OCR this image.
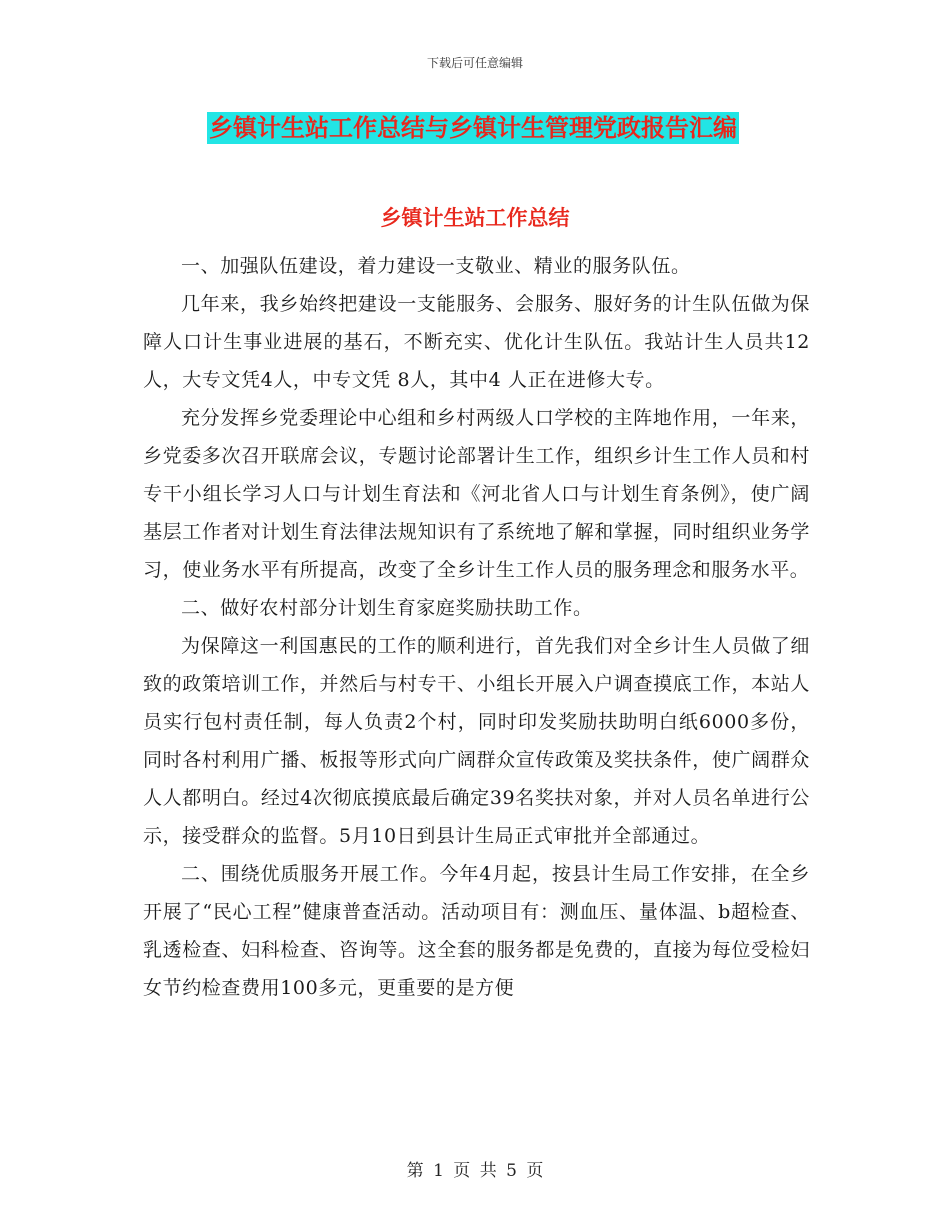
下载后可任意编辑
乡镇计生站工作总结与乡镇计生管理党政报告汇编
乡镇计生站工作总结

一、加强队伍建设，着力建设一支敬业、精业的服务队伍。

几年来，我乡始终把建设一支能服务、会服务、服好务的计生队伍做为保障人口计生事业进展的基石，不断充实、优化计生队伍。我站计生人员共12人，大专文凭4人，中专文凭 8人，其中4 人正在进修大专。

充分发挥乡党委理论中心组和乡村两级人口学校的主阵地作用，一年来，乡党委多次召开联席会议，专题讨论部署计生工作，组织乡计生工作人员和村专干小组长学习人口与计划生育法和《河北省人口与计划生育条例》，使广阔基层工作者对计划生育法律法规知识有了系统地了解和掌握，同时组织业务学习，使业务水平有所提高，改变了全乡计生工作人员的服务理念和服务水平。

二、做好农村部分计划生育家庭奖励扶助工作。

为保障这一利国惠民的工作的顺利进行，首先我们对全乡计生人员做了细致的政策培训工作，并然后与村专干、小组长开展入户调查摸底工作，本站人员实行包村责任制，每人负责2个村，同时印发奖励扶助明白纸6000多份，同时各村利用广播、板报等形式向广阔群众宣传政策及奖扶条件，使广阔群众人人都明白。经过4次彻底摸底最后确定39名奖扶对象，并对人员名单进行公示，接受群众的监督。5月10日到县计生局正式审批并全部通过。

二、围绕优质服务开展工作。今年4月起，按县计生局工作安排，在全乡开展了“民心工程”健康普查活动。活动项目有：测血压、量体温、b超检查、乳透检查、妇科检查、咨询等。这全套的服务都是免费的，直接为每位受检妇女节约检查费用100多元，更重要的是方便

第 1 页 共 5 页
